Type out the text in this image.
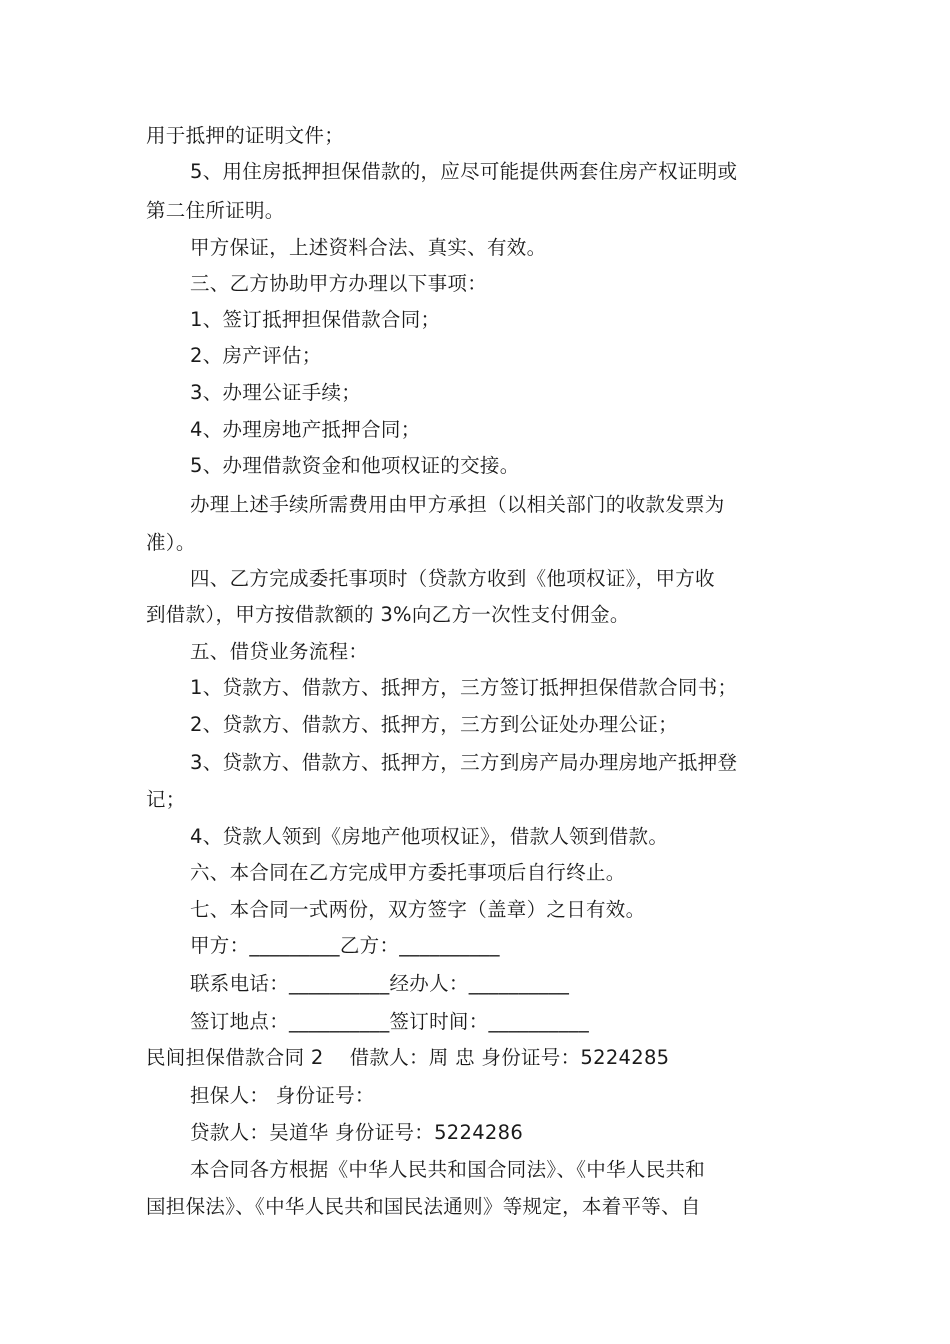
用于抵押的证明文件；
5、用住房抵押担保借款的，应尽可能提供两套住房产权证明或
第二住所证明。
甲方保证，上述资料合法、真实、有效。
三、乙方协助甲方办理以下事项：
1、签订抵押担保借款合同；
2、房产评估；
3、办理公证手续；
4、办理房地产抵押合同；
5、办理借款资金和他项权证的交接。
办理上述手续所需费用由甲方承担（以相关部门的收款发票为
准）。
四、乙方完成委托事项时（贷款方收到《他项权证》，甲方收
到借款），甲方按借款额的 3%向乙方一次性支付佣金。
五、借贷业务流程：
1、贷款方、借款方、抵押方，三方签订抵押担保借款合同书；
2、贷款方、借款方、抵押方，三方到公证处办理公证；
3、贷款方、借款方、抵押方，三方到房产局办理房地产抵押登
记；
4、贷款人领到《房地产他项权证》，借款人领到借款。
六、本合同在乙方完成甲方委托事项后自行终止。
七、本合同一式两份，双方签字（盖章）之日有效。
甲方：_________乙方：__________
联系电话：__________经办人：__________
签订地点：__________签订时间：__________
民间担保借款合同 2 借款人：周 忠 身份证号：5224285
担保人： 身份证号：
贷款人：吴道华 身份证号：5224286
本合同各方根据《中华人民共和国合同法》、《中华人民共和
国担保法》、《中华人民共和国民法通则》等规定，本着平等、自
